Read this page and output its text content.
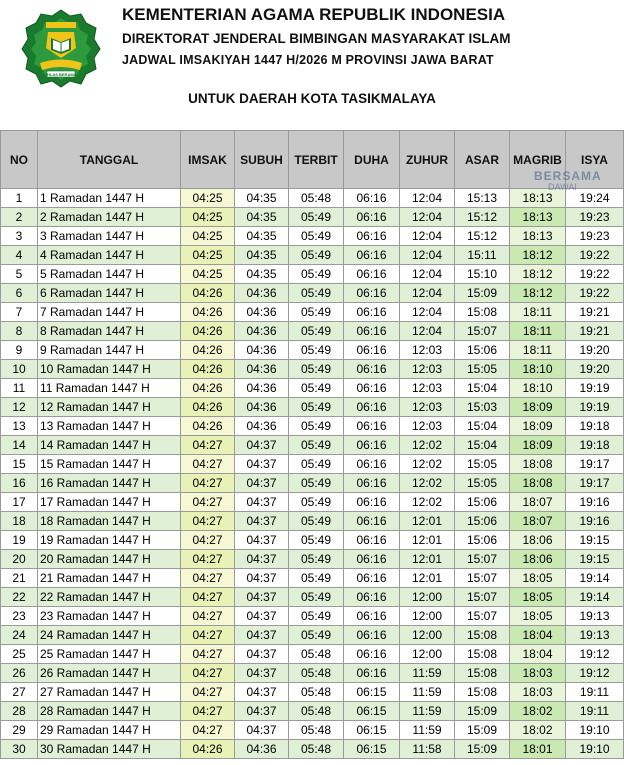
IKHLAS BERAMAL
KEMENTERIAN AGAMA REPUBLIK INDONESIA
DIREKTORAT JENDERAL BIMBINGAN MASYARAKAT ISLAM
JADWAL IMSAKIYAH 1447 H/2026 M PROVINSI JAWA BARAT
UNTUK DAERAH KOTA TASIKMALAYA
NO	TANGGAL	IMSAK	SUBUH	TERBIT	DUHA	ZUHUR	ASAR	MAGRIB	ISYA
1	1 Ramadan 1447 H	04:25	04:35	05:48	06:16	12:04	15:13	18:13	19:24
2	2 Ramadan 1447 H	04:25	04:35	05:49	06:16	12:04	15:12	18:13	19:23
3	3 Ramadan 1447 H	04:25	04:35	05:49	06:16	12:04	15:12	18:13	19:23
4	4 Ramadan 1447 H	04:25	04:35	05:49	06:16	12:04	15:11	18:12	19:22
5	5 Ramadan 1447 H	04:25	04:35	05:49	06:16	12:04	15:10	18:12	19:22
6	6 Ramadan 1447 H	04:26	04:36	05:49	06:16	12:04	15:09	18:12	19:22
7	7 Ramadan 1447 H	04:26	04:36	05:49	06:16	12:04	15:08	18:11	19:21
8	8 Ramadan 1447 H	04:26	04:36	05:49	06:16	12:04	15:07	18:11	19:21
9	9 Ramadan 1447 H	04:26	04:36	05:49	06:16	12:03	15:06	18:11	19:20
10	10 Ramadan 1447 H	04:26	04:36	05:49	06:16	12:03	15:05	18:10	19:20
11	11 Ramadan 1447 H	04:26	04:36	05:49	06:16	12:03	15:04	18:10	19:19
12	12 Ramadan 1447 H	04:26	04:36	05:49	06:16	12:03	15:03	18:09	19:19
13	13 Ramadan 1447 H	04:26	04:36	05:49	06:16	12:03	15:04	18:09	19:18
14	14 Ramadan 1447 H	04:27	04:37	05:49	06:16	12:02	15:04	18:09	19:18
15	15 Ramadan 1447 H	04:27	04:37	05:49	06:16	12:02	15:05	18:08	19:17
16	16 Ramadan 1447 H	04:27	04:37	05:49	06:16	12:02	15:05	18:08	19:17
17	17 Ramadan 1447 H	04:27	04:37	05:49	06:16	12:02	15:06	18:07	19:16
18	18 Ramadan 1447 H	04:27	04:37	05:49	06:16	12:01	15:06	18:07	19:16
19	19 Ramadan 1447 H	04:27	04:37	05:49	06:16	12:01	15:06	18:06	19:15
20	20 Ramadan 1447 H	04:27	04:37	05:49	06:16	12:01	15:07	18:06	19:15
21	21 Ramadan 1447 H	04:27	04:37	05:49	06:16	12:01	15:07	18:05	19:14
22	22 Ramadan 1447 H	04:27	04:37	05:49	06:16	12:00	15:07	18:05	19:14
23	23 Ramadan 1447 H	04:27	04:37	05:49	06:16	12:00	15:07	18:05	19:13
24	24 Ramadan 1447 H	04:27	04:37	05:49	06:16	12:00	15:08	18:04	19:13
25	25 Ramadan 1447 H	04:27	04:37	05:48	06:16	12:00	15:08	18:04	19:12
26	26 Ramadan 1447 H	04:27	04:37	05:48	06:16	11:59	15:08	18:03	19:12
27	27 Ramadan 1447 H	04:27	04:37	05:48	06:15	11:59	15:08	18:03	19:11
28	28 Ramadan 1447 H	04:27	04:37	05:48	06:15	11:59	15:09	18:02	19:11
29	29 Ramadan 1447 H	04:27	04:37	05:48	06:15	11:59	15:09	18:02	19:10
30	30 Ramadan 1447 H	04:26	04:36	05:48	06:15	11:58	15:09	18:01	19:10
BERSAMA
DAWAI
